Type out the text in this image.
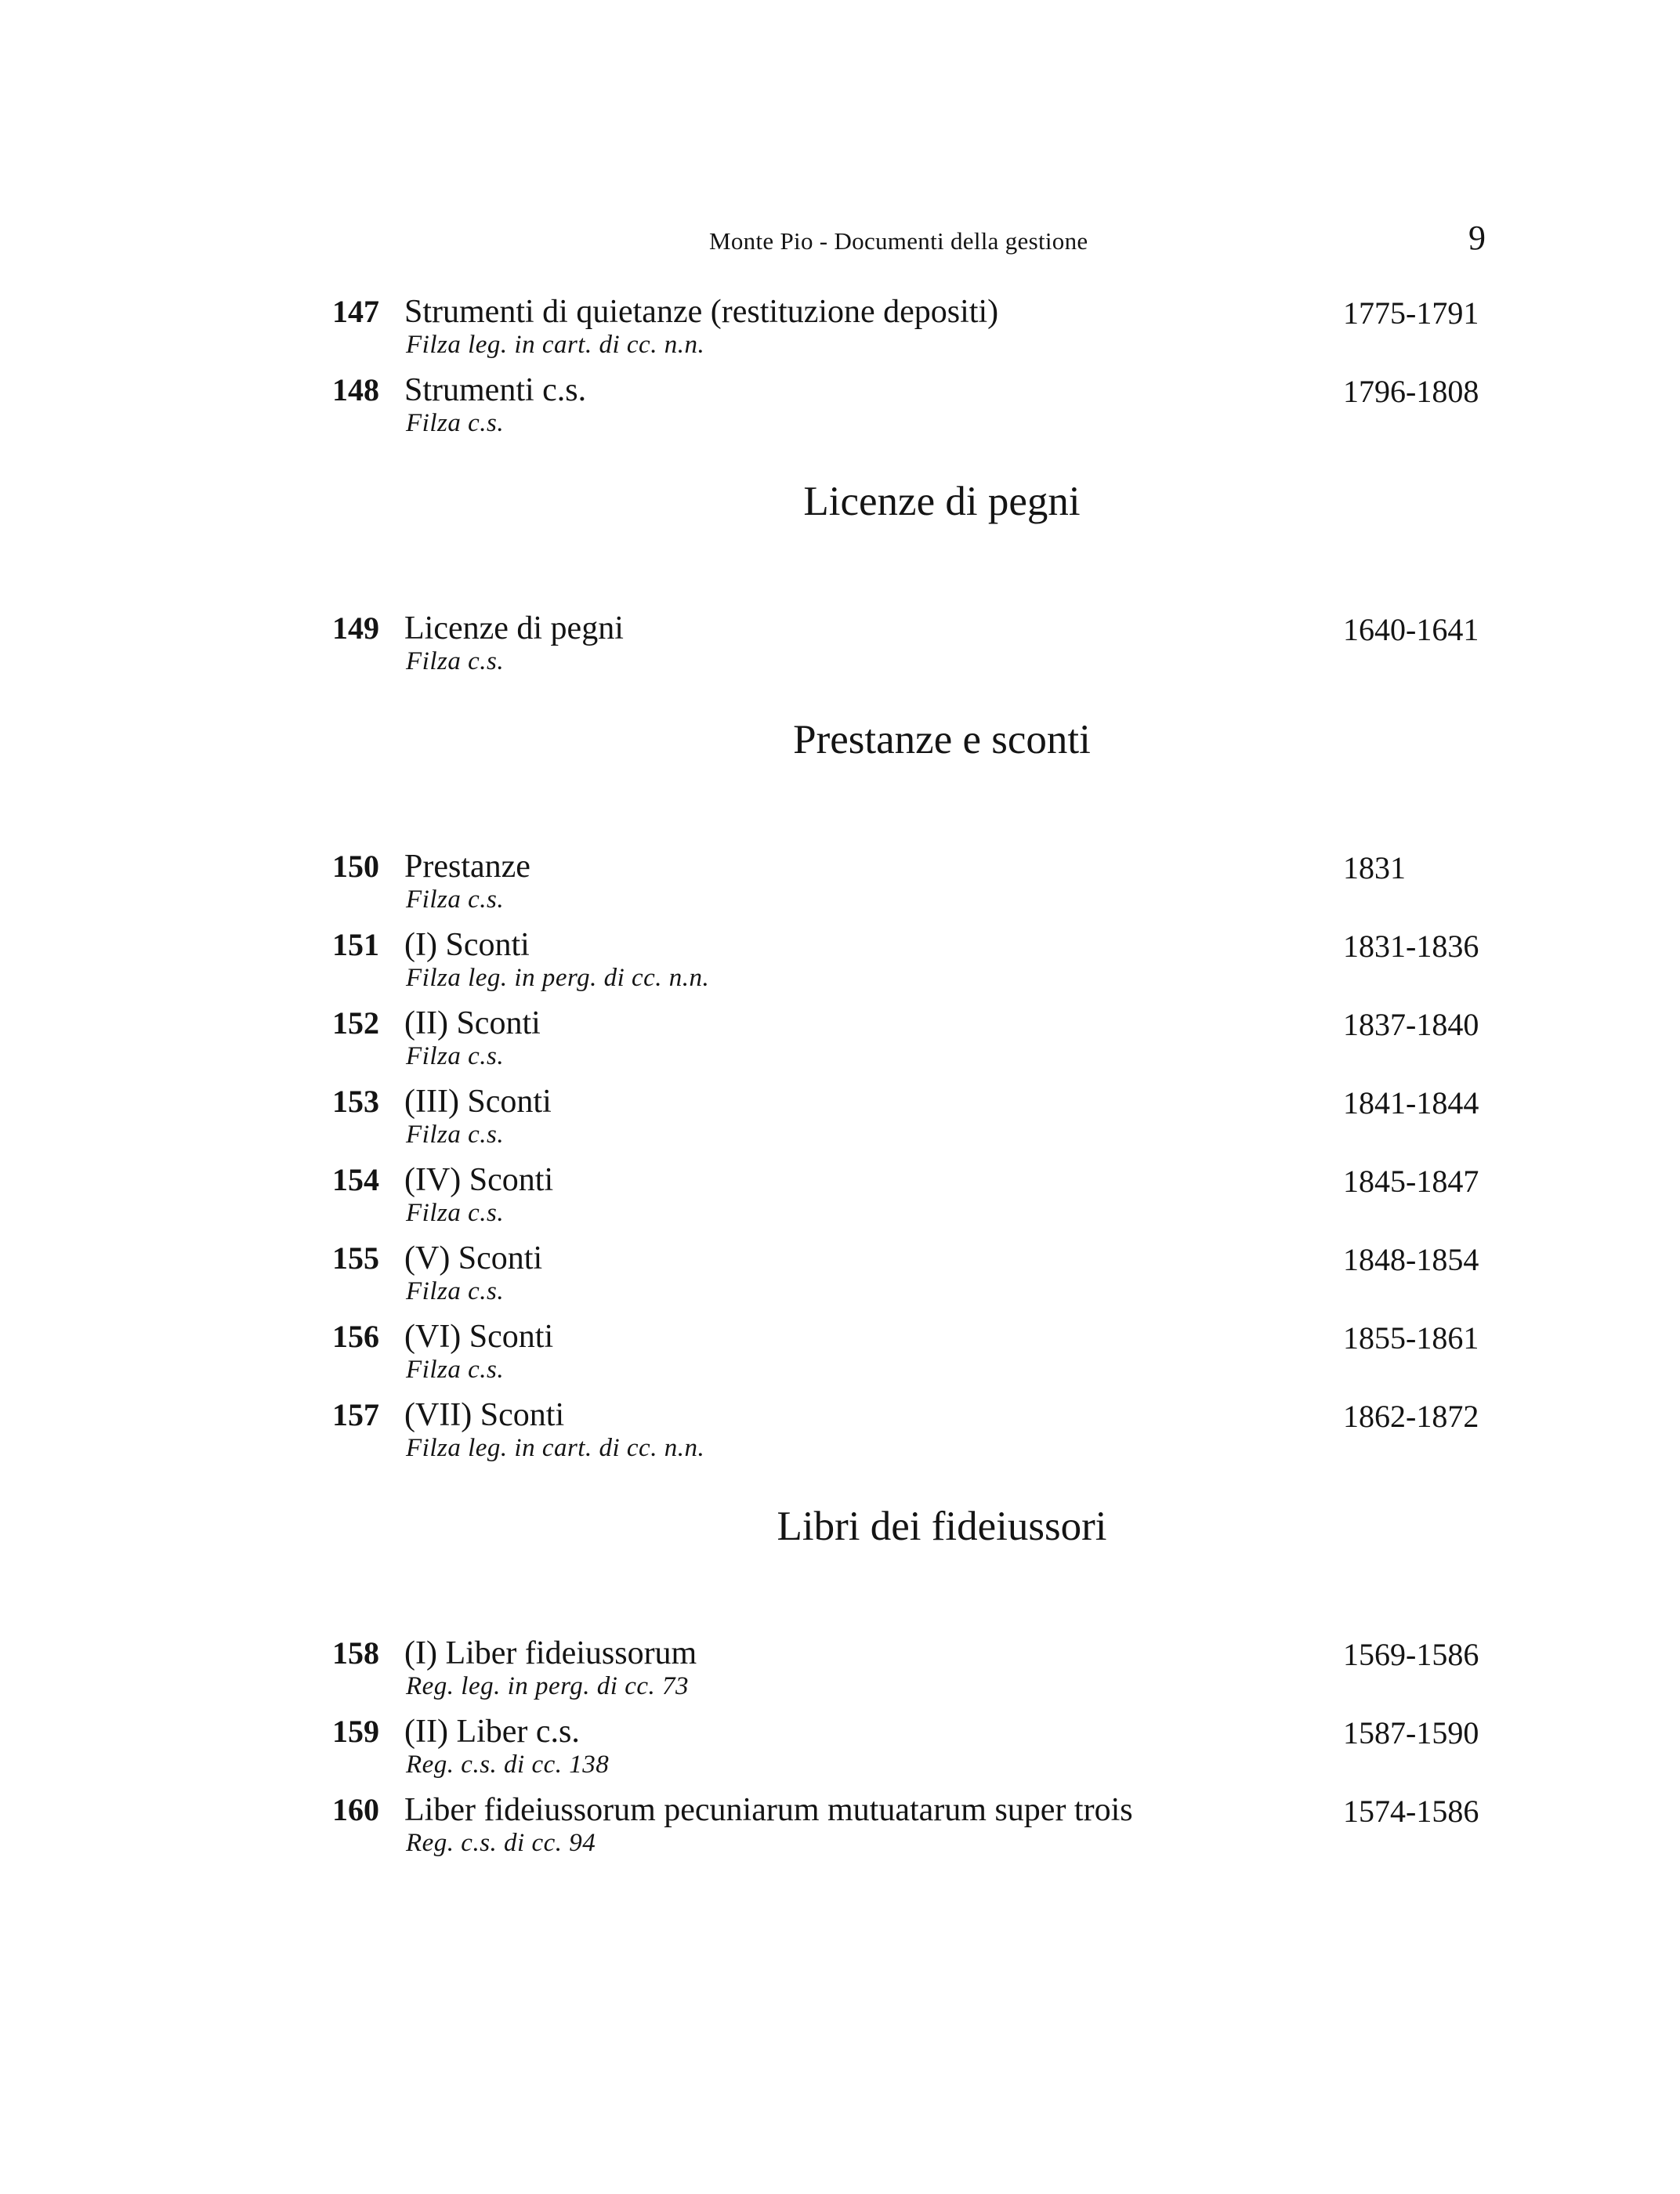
Monte Pio - Documenti della gestione	9
147 Strumenti di quietanze (restituzione depositi)
Filza leg. in cart. di cc. n.n.
1775-1791
148 Strumenti c.s.
Filza c.s.
1796-1808
Licenze di pegni
149 Licenze di pegni
Filza c.s.
1640-1641
Prestanze e sconti
150 Prestanze
Filza c.s.
1831
151 (I) Sconti
Filza leg. in perg. di cc. n.n.
1831-1836
152 (II) Sconti
Filza c.s.
1837-1840
153 (III) Sconti
Filza c.s.
1841-1844
154 (IV) Sconti
Filza c.s.
1845-1847
155 (V) Sconti
Filza c.s.
1848-1854
156 (VI) Sconti
Filza c.s.
1855-1861
157 (VII) Sconti
Filza leg. in cart. di cc. n.n.
1862-1872
Libri dei fideiussori
158 (I) Liber fideiussorum
Reg. leg. in perg. di cc. 73
1569-1586
159 (II) Liber c.s.
Reg. c.s. di cc. 138
1587-1590
160 Liber fideiussorum pecuniarum mutuatarum super trois
Reg. c.s. di cc. 94
1574-1586
